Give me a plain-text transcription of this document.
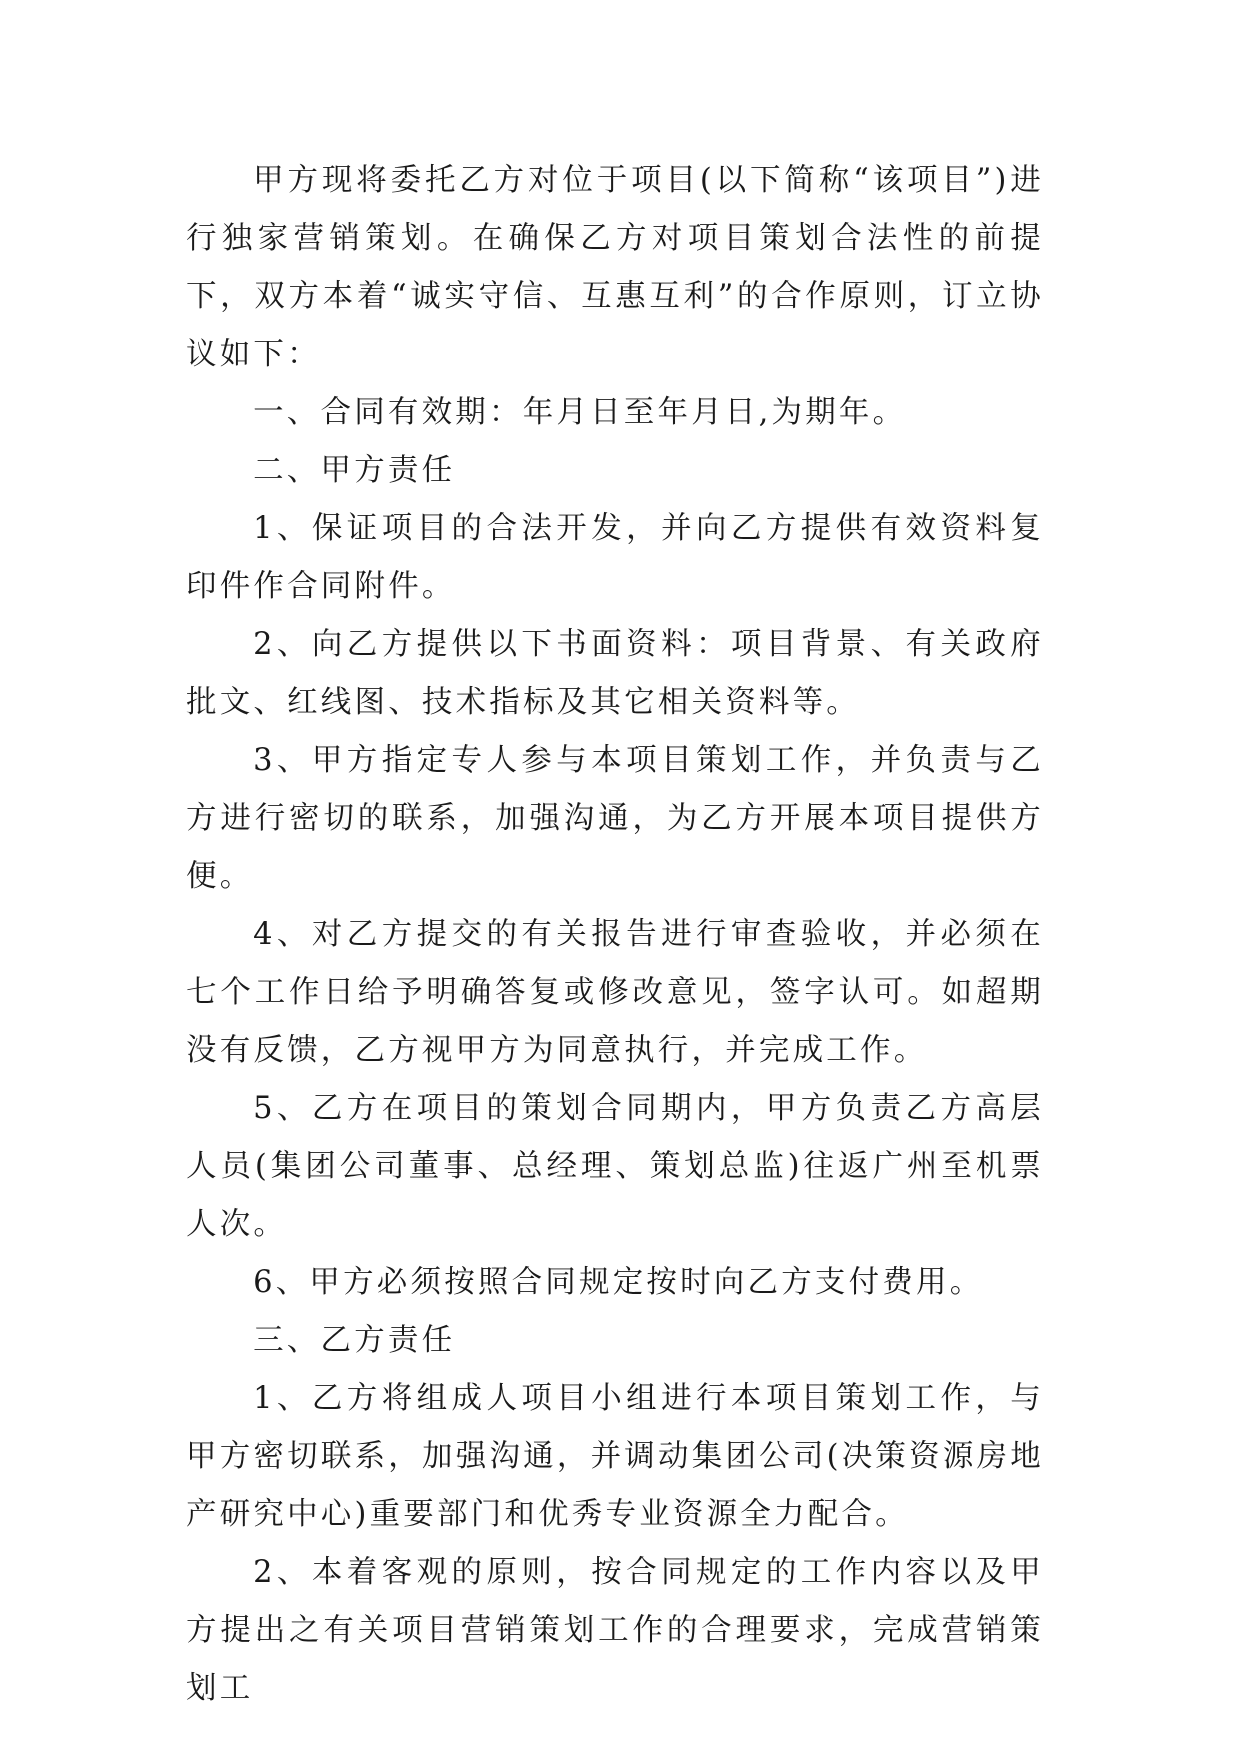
甲方现将委托乙方对位于项目(以下简称“该项目”)进行独家营销策划。在确保乙方对项目策划合法性的前提下，双方本着“诚实守信、互惠互利”的合作原则，订立协议如下：

一、合同有效期：年月日至年月日,为期年。

二、甲方责任

1、保证项目的合法开发，并向乙方提供有效资料复印件作合同附件。

2、向乙方提供以下书面资料：项目背景、有关政府批文、红线图、技术指标及其它相关资料等。

3、甲方指定专人参与本项目策划工作，并负责与乙方进行密切的联系，加强沟通，为乙方开展本项目提供方便。

4、对乙方提交的有关报告进行审查验收，并必须在七个工作日给予明确答复或修改意见，签字认可。如超期没有反馈，乙方视甲方为同意执行，并完成工作。

5、乙方在项目的策划合同期内，甲方负责乙方高层人员(集团公司董事、总经理、策划总监)往返广州至机票人次。

6、甲方必须按照合同规定按时向乙方支付费用。

三、乙方责任

1、乙方将组成人项目小组进行本项目策划工作，与甲方密切联系，加强沟通，并调动集团公司(决策资源房地产研究中心)重要部门和优秀专业资源全力配合。

2、本着客观的原则，按合同规定的工作内容以及甲方提出之有关项目营销策划工作的合理要求，完成营销策划工
